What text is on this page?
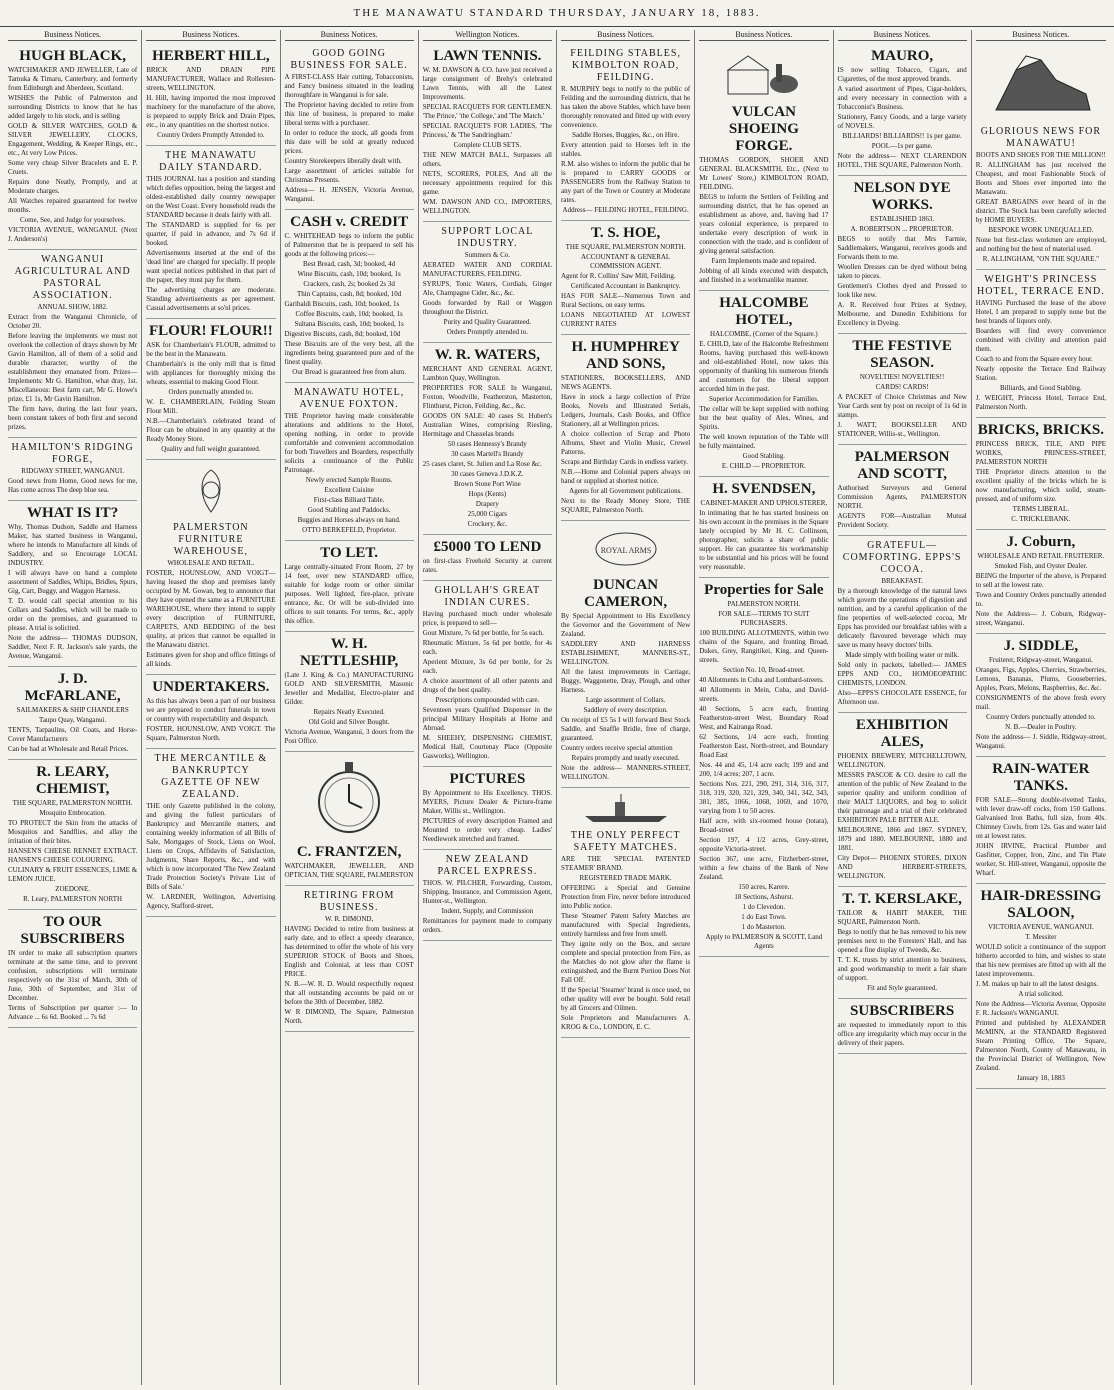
THE MANAWATU STANDARD THURSDAY, JANUARY 18, 1883.
Business Notices.
HUGH BLACK,
WATCHMAKER AND JEWELLER, Late of Tamuka & Timaru, Canterbury, and formerly from Edinburgh and Aberdeen, Scotland.
WISHES the Public of Palmerston and surrounding Districts to know that he has added largely to his stock, and is selling
GOLD & SILVER WATCHES, GOLD & SILVER JEWELLERY, CLOCKS, Engagement, Wedding, & Keeper Rings, etc., etc., At very Low Prices.
Some very cheap Silver Bracelets and E. P. Cruets.
Repairs done Neatly, Promptly, and at Moderate charges.
All Watches repaired guaranteed for twelve months.
Come, See, and Judge for yourselves.
VICTORIA AVENUE, WANGANUI. (Next J. Anderson's)
WANGANUI AGRICULTURAL AND PASTORAL ASSOCIATION.
ANNUAL SHOW, 1882.
Extract from the Wanganui Chronicle, of October 20.
Before leaving the implements we must not overlook the collection of drays shown by Mr Gavin Hamilton, all of them of a solid and durable character, worthy of the establishment they emanated from. Prizes—Implements: Mr G. Hamilton, what dray, 1st. Miscellaneous: Best farm cart, Mr G. Howe's prize, £1 1s, Mr Gavin Hamilton.
The firm have, during the last four years, been constant takers of both first and second prizes.
HAMILTON'S RIDGING FORGE,
RIDGWAY STREET, WANGANUI.
Good news from Home, Good news for me, Has come across The deep blue sea.
WHAT IS IT?
Why, Thomas Dudson, Saddle and Harness Maker, has started business in Wanganui, where he intends to Manufacture all kinds of Saddlery, and so Encourage LOCAL INDUSTRY.
I will always have on hand a complete assortment of Saddles, Whips, Bridles, Spurs, Gig, Cart, Buggy, and Waggon Harness.
T. D. would call special attention to his Collars and Saddles, which will be made to order on the premises, and guaranteed to please. A trial is solicited.
Note the address— THOMAS DUDSON, Saddler, Next F. R. Jackson's sale yards, the Avenue, Wanganui.
J. D. McFARLANE,
SAILMAKERS & SHIP CHANDLERS
Taupo Quay, Wanganui.
TENTS, Tarpaulins, Oil Coats, and Horse-Cover Manufacturers
Can be had at Wholesale and Retail Prices.
R. LEARY, CHEMIST,
THE SQUARE, PALMERSTON NORTH.
Mosquito Embrocation.
TO PROTECT the Skin from the attacks of Mosquitos and Sandflies, and allay the irritation of their bites.
HANSEN'S CHEESE RENNET EXTRACT. HANSEN'S CHEESE COLOURING.
CULINARY & FRUIT ESSENCES, LIME & LEMON JUICE.
ZOEDONE.
R. Leary, PALMERSTON NORTH
TO OUR SUBSCRIBERS
IN order to make all subscription quarters terminate at the same time, and to prevent confusion, subscriptions will terminate respectively on the 31st of March, 30th of June, 30th of September, and 31st of December.
Terms of Subscription per quarter :— In Advance ... 6s 6d. Booked ... 7s 6d
Business Notices.
HERBERT HILL,
BRICK AND DRAIN PIPE MANUFACTURER, Wallace and Rollesten-streets, WELLINGTON.
H. Hill, having imported the most improved machinery for the manufacture of the above, is prepared to supply Brick and Drain Pipes, etc., in any quantities on the shortest notice.
Country Orders Promptly Attended to.
THE MANAWATU DAILY STANDARD.
THIS JOURNAL has a position and standing which defies opposition, being the largest and oldest-established daily country newspaper on the West Coast. Every household reads the STANDARD because it deals fairly with all.
The STANDARD is supplied for 6s per quarter, if paid in advance, and 7s 6d if booked.
Advertisements inserted at the end of the 'dead line' are charged for specially. If people want special notices published in that part of the paper, they must pay for them.
The advertising charges are moderate. Standing advertisements as per agreement. Casual advertisements at so'nl prices.
FLOUR! FLOUR!!
ASK for Chamberlain's FLOUR, admitted to be the best in the Manawatu.
Chamberlain's is the only mill that is fitted with appliances for thoroughly mixing the wheats, essential to making Good Flour.
Orders punctually attended to.
W. E. CHAMBERLAIN, Feilding Steam Flour Mill.
N.B.—Chamberlain's celebrated brand of Flour can be obtained in any quantity at the Ready Money Store.
Quality and full weight guaranteed.
PALMERSTON FURNITURE WAREHOUSE,
WHOLESALE AND RETAIL.
FOSTER, HOUNSLOW, AND VOIGT—having leased the shop and premises lately occupied by M. Gowan, beg to announce that they have opened the same as a FURNITURE WAREHOUSE, where they intend to supply every description of FURNITURE, CARPETS, AND BEDDING of the best quality, at prices that cannot be equalled in the Manawatu district.
Estimates given for shop and office fittings of all kinds.
UNDERTAKERS.
As this has always been a part of our business we are prepared to conduct funerals in town or country with respectability and despatch.
FOSTER, HOUNSLOW, AND VOIGT. The Square, Palmerston North.
THE MERCANTILE & BANKRUPTCY GAZETTE OF NEW ZEALAND.
THE only Gazette published in the colony, and giving the fullest particulars of Bankruptcy and Mercantile matters, and containing weekly information of all Bills of Sale, Mortgages of Stock, Liens on Wool, Liens on Crops, Affidavits of Satisfaction, Judgments, Share Reports, &c., and with which is now incorporated 'The New Zealand Trade Protection Society's Private List of Bills of Sale.'
W. LARDNER, Wellington, Advertising Agency, Stafford-street,
Business Notices.
GOOD GOING BUSINESS FOR SALE.
A FIRST-CLASS Hair cutting, Tobacconists, and Fancy business situated in the leading thoroughfare in Wanganui is for sale.
The Proprietor having decided to retire from this line of business, is prepared to make liberal terms with a purchaser.
In order to reduce the stock, all goods from this date will be sold at greatly reduced prices.
Country Storekeepers liberally dealt with.
Large assortment of articles suitable for Christmas Presents.
Address— H. JENSEN, Victoria Avenue, Wanganui.
CASH v. CREDIT
C. WHITEHEAD begs to inform the public of Palmerston that he is prepared to sell his goods at the following prices:—
Best Bread, cash, 3d; booked, 4d
Wine Biscuits, cash, 10d; booked, 1s
Crackers, cash, 2s; booked 2s 3d
Thin Captains, cash, 8d; booked, 10d
Garibaldi Biscuits, cash, 10d; booked, 1s
Coffee Biscuits, cash, 10d; booked, 1s
Sultana Biscuits, cash, 10d; booked, 1s
Digestive Biscuits, cash, 8d; booked, 10d
These Biscuits are of the very best, all the ingredients being guaranteed pure and of the finest quality.
Our Bread is guaranteed free from alum.
MANAWATU HOTEL, AVENUE FOXTON.
THE Proprietor having made considerable alterations and additions to the Hotel, opening nothing, in order to provide comfortable and convenient accommodation for both Travellers and Boarders, respectfully solicits a continuance of the Public Patronage.
Newly erected Sample Rooms.
Excellent Cuisine
First-class Billiard Table.
Good Stabling and Paddocks.
Buggies and Horses always on hand.
OTTO BERKEFELD, Proprietor.
TO LET.
Large centrally-situated Front Room, 27 by 14 feet, over new STANDARD office, suitable for lodge room or other similar purposes. Well lighted, fire-place, private entrance, &c. Or will be sub-divided into offices to suit tenants. For terms, &c., apply this office.
W. H. NETTLESHIP,
(Late J. King & Co.) MANUFACTURING GOLD AND SILVERSMITH, Masonic Jeweller and Medallist, Electro-plater and Gilder.
Repairs Neatly Executed.
Old Gold and Silver Bought.
Victoria Avenue, Wanganui, 3 doors from the Post Office.
C. FRANTZEN,
WATCHMAKER, JEWELLER, AND OPTICIAN, THE SQUARE, PALMERSTON
RETIRING FROM BUSINESS.
W. R. DIMOND,
HAVING Decided to retire from business at early date, and to effect a speedy clearance, has determined to offer the whole of his very SUPERIOR STOCK of Boots and Shoes, English and Colonial, at less than COST PRICE.
N. B.—W. R. D. Would respectfully request that all outstanding accounts be paid on or before the 30th of December, 1882.
W R DIMOND, The Square, Palmerston North.
Wellington Notices.
LAWN TENNIS.
W. M. DAWSON & CO. have just received a large consignment of Brehy's celebrated Lawn Tennis, with all the Latest Improvements.
SPECIAL RACQUETS FOR GENTLEMEN. 'The Prince,' 'the College,' and 'The Match.'
SPECIAL RACQUETS FOR LADIES, 'The Princess,' & 'The Sandringham.'
Complete CLUB SETS.
THE NEW MATCH BALL, Surpasses all others.
NETS, SCORERS, POLES, And all the necessary appointments required for this game.
WM. DAWSON AND CO., IMPORTERS, WELLINGTON.
SUPPORT LOCAL INDUSTRY.
Summers & Co.
AERATED WATER AND CORDIAL MANUFACTURERS, FEILDING.
SYRUPS, Tonic Waters, Cordials, Ginger Ale, Champagne Cider, &c., &c.
Goods forwarded by Rail or Waggon throughout the District.
Purity and Quality Guaranteed.
Orders Promptly attended to.
W. R. WATERS,
MERCHANT AND GENERAL AGENT, Lambton Quay, Wellington.
PROPERTIES FOR SALE In Wanganui, Foxton, Woodville, Featherston, Masterton, Flinthurst, Picton, Feilding, &c., &c.
GOODS ON SALE: 40 cases St. Hubert's Australian Wines, comprising Riesling, Hermitage and Chasselas brands
50 cases Hennessy's Brandy
30 cases Martell's Brandy
25 cases claret, St. Julien and La Rose &c.
30 cases Geneva J.D.K.Z.
Brown Stone Port Wine
Hops (Kents)
Drapery
25,000 Cigars
Crockery, &c.
£5000 TO LEND
on first-class Freehold Security at current rates.
GHOLLAH'S GREAT INDIAN CURES.
Having purchased much under wholesale price, is prepared to sell—
Gout Mixture, 7s 6d per bottle, for 5s each.
Rheumatic Mixture, 5s 6d per bottle, for 4s each.
Aperient Mixture, 3s 6d per bottle, for 2s each.
A choice assortment of all other patents and drugs of the best quality.
Prescriptions compounded with care.
Seventeen years Qualified Dispenser in the principal Military Hospitals at Home and Abroad.
M. SHEEHY, DISPENSING CHEMIST, Medical Hall, Courtenay Place (Opposite Gasworks), Wellington.
PICTURES
By Appointment to His Excellency. THOS. MYERS, Picture Dealer & Picture-frame Maker, Willis st., Wellington.
PICTURES of every description Framed and Mounted to order very cheap. Ladies' Needlework stretched and framed.
NEW ZEALAND PARCEL EXPRESS.
THOS. W. PILCHER, Forwarding, Custom, Shipping, Insurance, and Commission Agent, Hunter-st., Wellington.
Indent, Supply, and Commission
Remittances for payment made to company orders.
Business Notices.
FEILDING STABLES, KIMBOLTON ROAD, FEILDING.
R. MURPHY begs to notify to the public of Feilding and the surrounding districts, that he has taken the above Stables, which have been thoroughly renovated and fitted up with every convenience.
Saddle Horses, Buggies, &c., on Hire.
Every attention paid to Horses left in the stables.
R.M. also wishes to inform the public that he is prepared to CARRY GOODS or PASSENGERS from the Railway Station to any part of the Town or Country at Moderate rates.
Address— FEILDING HOTEL, FEILDING.
T. S. HOE,
THE SQUARE, PALMERSTON NORTH.
ACCOUNTANT & GENERAL COMMISSION AGENT.
Agent for R. Collins' Saw Mill, Feilding.
Certificated Accountant in Bankruptcy.
HAS FOR SALE—Numerous Town and Rural Sections, on easy terms.
LOANS NEGOTIATED AT LOWEST CURRENT RATES
H. HUMPHREY AND SONS,
STATIONERS, BOOKSELLERS, AND NEWS AGENTS.
Have in stock a large collection of Prize Books, Novels and Illustrated Serials, Ledgers, Journals, Cash Books, and Office Stationery, all at Wellington prices.
A choice collection of Scrap and Photo Albums, Sheet and Violin Music, Crewel Patterns.
Scraps and Birthday Cards in endless variety.
N.B.—Home and Colonial papers always on hand or supplied at shortest notice.
Agents for all Government publications.
Next to the Ready Money Store, THE SQUARE, Palmerston North.
ROYAL ARMS
DUNCAN CAMERON,
By Special Appointment to His Excellency the Governor and the Government of New Zealand.
SADDLERY AND HARNESS ESTABLISHMENT, MANNERS-ST., WELLINGTON.
All the latest improvements in Carriage, Buggy, Waggonette, Dray, Plough, and other Harness.
Large assortment of Collars.
Saddlery of every description.
On receipt of £5 5s I will forward Best Stock Saddle, and Snaffle Bridle, free of charge, guaranteed.
Country orders receive special attention
Repairs promptly and neatly executed.
Note the address— MANNERS-STREET, WELLINGTON.
THE ONLY PERFECT SAFETY MATCHES.
ARE THE 'SPECIAL PATENTED STEAMER' BRAND.
REGISTERED TRADE MARK.
OFFERING a Special and Genuine Protection from Fire, never before introduced into Public notice.
These 'Steamer' Patent Safety Matches are manufactured with Special Ingredients, entirely harmless and free from smell.
They ignite only on the Box, and secure complete and special protection from Fire, as the Matches do not glow after the flame is extinguished, and the Burnt Portion Does Not Fall Off.
If the Special 'Steamer' brand is once used, no other quality will ever be bought. Sold retail by all Grocers and Oilmen.
Sole Proprietors and Manufacturers A. KROG & Co., LONDON, E. C.
Business Notices.
VULCAN SHOEING FORGE.
THOMAS GORDON, SHOER AND GENERAL BLACKSMITH, Etc., (Next to Mr Lowes' Store,) KIMBOLTON ROAD, FEILDING.
BEGS to inform the Settlers of Feilding and surrounding district, that he has opened an establishment as above, and, having had 17 years colonial experience, is prepared to undertake every description of work in connection with the trade, and is confident of giving general satisfaction.
Farm Implements made and repaired.
Jobbing of all kinds executed with despatch, and finished in a workmanlike manner.
HALCOMBE HOTEL,
HALCOMBE, (Corner of the Square.)
E. CHILD, late of the Halcombe Refreshment Rooms, having purchased this well-known and old-established Hotel, now takes this opportunity of thanking his numerous friends and customers for the liberal support accorded him in the past.
Superior Accommodation for Families.
The cellar will be kept supplied with nothing but the best quality of Ales, Wines, and Spirits.
The well known reputation of the Table will be fully maintained.
Good Stabling.
E. CHILD — PROPRIETOR.
H. SVENDSEN,
CABINET-MAKER AND UPHOLSTERER,
In intimating that he has started business on his own account in the premises in the Square lately occupied by Mr H. C. Collinson, photographer, solicits a share of public support. He can guarantee his workmanship to be substantial and his prices will be found very reasonable.
Properties for Sale
PALMERSTON NORTH.
FOR SALE—TERMS TO SUIT PURCHASERS.
100 BUILDING ALLOTMENTS, within two chains of the Square, and fronting Broad, Dukes, Grey, Rangitikei, King, and Queen-streets.
Section No. 10, Broad-street.
40 Allotments in Cuba and Lombard-streets.
40 Allotments in Mein, Cuba, and David-streets.
40 Sections, 5 acre each, fronting Featherston-street West, Boundary Road West, and Kairanga Road.
62 Sections, 1/4 acre each, fronting Featherston East, North-street, and Boundary Road East
Nos. 44 and 45, 1/4 acre each; 199 and and 200, 1/4 acres; 207, 1 acre.
Sections Nos. 221, 290, 291, 314, 316, 317, 318, 319, 320, 321, 329, 340, 341, 342, 343, 381, 385, 1066, 1068, 1069, and 1070, varying from 1 to 50 acres.
Half acre, with six-roomed house (totara), Broad-street
Section 197, 4 1/2 acres, Grey-street, opposite Victoria-street.
Section 367, one acre, Fitzherbert-street, within a few chains of the Bank of New Zealand.
150 acres, Karere.
18 Sections, Ashurst.
1 do Clevedon.
1 do East Town.
1 do Masterton.
Apply to PALMERSON & SCOTT, Land Agents
Business Notices.
MAURO,
IS now selling Tobacco, Cigars, and Cigarettes, of the most approved brands.
A varied assortment of Pipes, Cigar-holders, and every necessary in connection with a Tobacconist's Business.
Stationery, Fancy Goods, and a large variety of NOVELS.
BILLIARDS! BILLIARDS!! 1s per game.
POOL—1s per game.
Note the address— NEXT CLARENDON HOTEL, THE SQUARE, Palmerston North.
NELSON DYE WORKS.
ESTABLISHED 1863.
A. ROBERTSON ... PROPRIETOR.
BEGS to notify that Mrs Farmie, Saddlemakers, Wanganui, receives goods and Forwards them to me.
Woollen Dresses can be dyed without being taken to pieces.
Gentlemen's Clothes dyed and Pressed to look like new.
A. R. Received four Prizes at Sydney, Melbourne, and Dunedin Exhibitions for Excellency in Dyeing.
THE FESTIVE SEASON.
NOVELTIES! NOVELTIES!!
CARDS! CARDS!
A PACKET of Choice Christmas and New Year Cards sent by post on receipt of 1s 6d in stamps.
J. WATT, BOOKSELLER AND STATIONER, Willis-st., Wellington.
PALMERSON AND SCOTT,
Authorised Surveyors and General Commission Agents, PALMERSTON NORTH.
AGENTS FOR—Australian Mutual Provident Society.
GRATEFUL—COMFORTING. EPPS'S COCOA.
BREAKFAST.
By a thorough knowledge of the natural laws which govern the operations of digestion and nutrition, and by a careful application of the fine properties of well-selected cocoa, Mr Epps has provided our breakfast tables with a delicately flavoured beverage which may save us many heavy doctors' bills.
Made simply with boiling water or milk.
Sold only in packets, labelled:— JAMES EPPS AND CO., HOMOEOPATHIC CHEMISTS, LONDON.
Also—EPPS'S CHOCOLATE ESSENCE, for Afternoon use.
EXHIBITION ALES,
PHOENIX BREWERY, MITCHELLTOWN, WELLINGTON.
MESSRS PASCOE & CO. desire to call the attention of the public of New Zealand to the superior quality and uniform condition of their MALT LIQUORS, and beg to solicit their patronage and a trial of their celebrated EXHIBITION PALE BITTER ALE.
MELBOURNE, 1866 and 1867. SYDNEY, 1879 and 1880. MELBOURNE, 1880 and 1881.
City Depot— PHOENIX STORES, DIXON AND HERBERT-STREETS, WELLINGTON.
T. T. KERSLAKE,
TAILOR & HABIT MAKER, THE SQUARE, Palmerston North.
Begs to notify that he has removed to his new premises next to the Foresters' Hall, and has opened a fine display of Tweeds, &c.
T. T. K. trusts by strict attention to business, and good workmanship to merit a fair share of support.
Fit and Style guaranteed.
SUBSCRIBERS
are requested to immediately report to this office any irregularity which may occur in the delivery of their papers.
Business Notices.
GLORIOUS NEWS FOR MANAWATU!
BOOTS AND SHOES FOR THE MILLION!!
R. ALLINGHAM has just received the Cheapest, and most Fashionable Stock of Boots and Shoes ever imported into the Manawatu.
GREAT BARGAINS ever heard of in the district. The Stock has been carefully selected by HOME BUYERS.
BESPOKE WORK UNEQUALLED.
None but first-class workmen are employed, and nothing but the best of material used.
R. ALLINGHAM, "ON THE SQUARE."
WEIGHT'S PRINCESS HOTEL, TERRACE END.
HAVING Purchased the lease of the above Hotel, I am prepared to supply none but the best brands of liquors only.
Boarders will find every convenience combined with civility and attention paid them.
Coach to and from the Square every hour.
Nearly opposite the Terrace End Railway Station.
Billiards, and Good Stabling.
J. WEIGHT, Princess Hotel, Terrace End, Palmerston North.
BRICKS, BRICKS.
PRINCESS BRICK, TILE, AND PIPE WORKS, PRINCESS-STREET, PALMERSTON NORTH
THE Proprietor directs attention to the excellent quality of the bricks which he is now manufacturing, which solid, steam-pressed, and of uniform size.
TERMS LIBERAL.
C. TRICKLEBANK.
J. Coburn,
WHOLESALE AND RETAIL FRUITERER.
Smoked Fish, and Oyster Dealer.
BEING the Importer of the above, is Prepared to sell at the lowest rate.
Town and Country Orders punctually attended to.
Note the Address— J. Coburn, Ridgway-street, Wanganui.
J. SIDDLE,
Fruiterer, Ridgway-street, Wanganui.
Oranges, Figs, Apples, Cherries, Strawberries, Lemons, Bananas, Plums, Gooseberries, Apples, Pears, Melons, Raspberries, &c. &c.
CONSIGNMENTS of the above fresh every mail.
Country Orders punctually attended to.
N. B.—Dealer in Poultry.
Note the address— J. Siddle, Ridgway-street, Wanganui.
RAIN-WATER TANKS.
FOR SALE—Strong double-rivetted Tanks, with lever draw-off cocks, from 150 Gallons. Galvanised Iron Baths, full size, from 40s. Chimney Cowls, from 12s. Gas and water laid on at lowest rates.
JOHN IRVINE, Practical Plumber and Gasfitter, Copper, Iron, Zinc, and Tin Plate worker, St. Hill-street, Wanganui, opposite the Wharf.
HAIR-DRESSING SALOON,
VICTORIA AVENUE, WANGANUI.
T. Messiter
WOULD solicit a continuance of the support hitherto accorded to him, and wishes to state that his new premises are fitted up with all the latest improvements.
J. M. makes up hair to all the latest designs.
A trial solicited.
Note the Address—Victoria Avenue, Opposite F. R. Jackson's WANGANUI.
Printed and published by ALEXANDER McMINN, at the STANDARD Registered Steam Printing Office, The Square, Palmerston North, County of Manawatu, in the Provincial District of Wellington, New Zealand.
January 18, 1883
